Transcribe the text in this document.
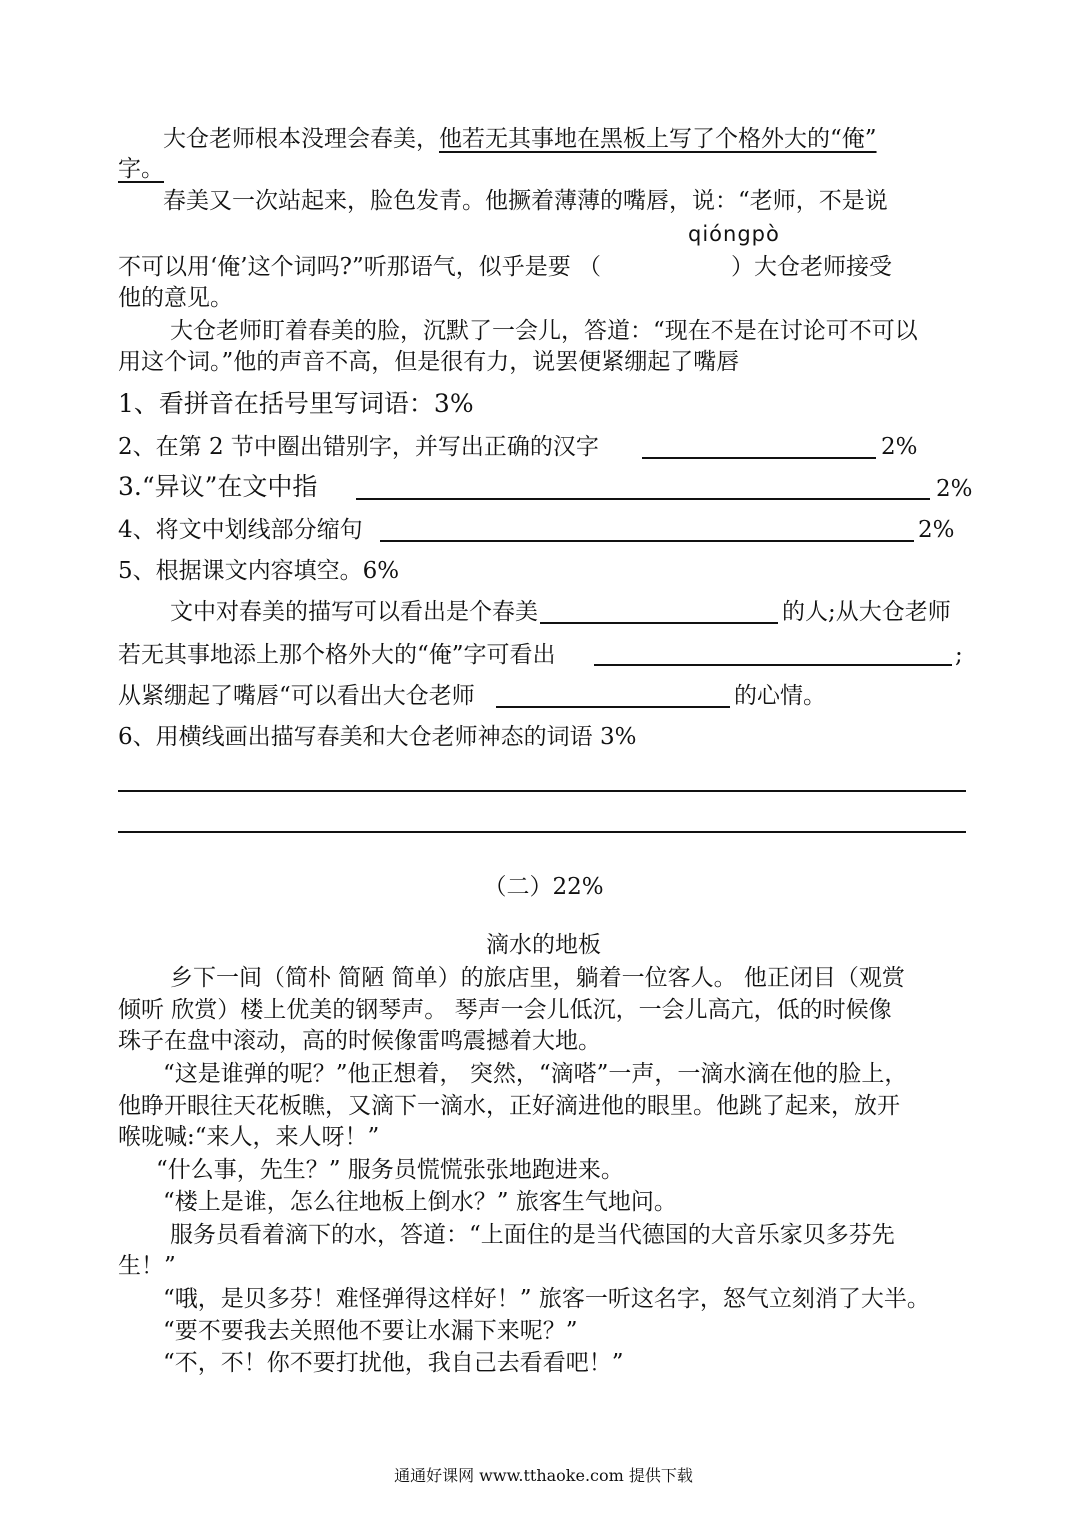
大仓老师根本没理会春美，他若无其事地在黑板上写了个格外大的“俺”
字。
春美又一次站起来，脸色发青。他撅着薄薄的嘴唇，说：“老师，不是说
qióngpò
不可以用‘俺’这个词吗?”听那语气，似乎是要 （	）大仓老师接受
他的意见。
大仓老师盯着春美的脸，沉默了一会儿，答道：“现在不是在讨论可不可以
用这个词。”他的声音不高，但是很有力，说罢便紧绷起了嘴唇
1、看拼音在括号里写词语：3%
2、在第 2 节中圈出错别字，并写出正确的汉字	2%
3.“异议”在文中指	2%
4、将文中划线部分缩句	2%
5、根据课文内容填空。6%
文中对春美的描写可以看出是个春美	的人;从大仓老师
若无其事地添上那个格外大的“俺”字可看出	;
从紧绷起了嘴唇“可以看出大仓老师	的心情。
6、用横线画出描写春美和大仓老师神态的词语 3%
（二）22%
滴水的地板
乡下一间（简朴 简陋 简单）的旅店里，躺着一位客人。 他正闭目（观赏
倾听 欣赏）楼上优美的钢琴声。 琴声一会儿低沉，一会儿高亢，低的时候像
珠子在盘中滚动，高的时候像雷鸣震撼着大地。
“这是谁弹的呢？”他正想着， 突然，“滴嗒”一声，一滴水滴在他的脸上，
他睁开眼往天花板瞧，又滴下一滴水，正好滴进他的眼里。他跳了起来，放开
喉咙喊:“来人，来人呀！”
“什么事，先生？” 服务员慌慌张张地跑进来。
“楼上是谁，怎么往地板上倒水？” 旅客生气地问。
服务员看着滴下的水，答道：“上面住的是当代德国的大音乐家贝多芬先
生！”
“哦，是贝多芬！难怪弹得这样好！” 旅客一听这名字，怒气立刻消了大半。
“要不要我去关照他不要让水漏下来呢？”
“不，不！你不要打扰他，我自己去看看吧！”
通通好课网 www.tthaoke.com 提供下载
